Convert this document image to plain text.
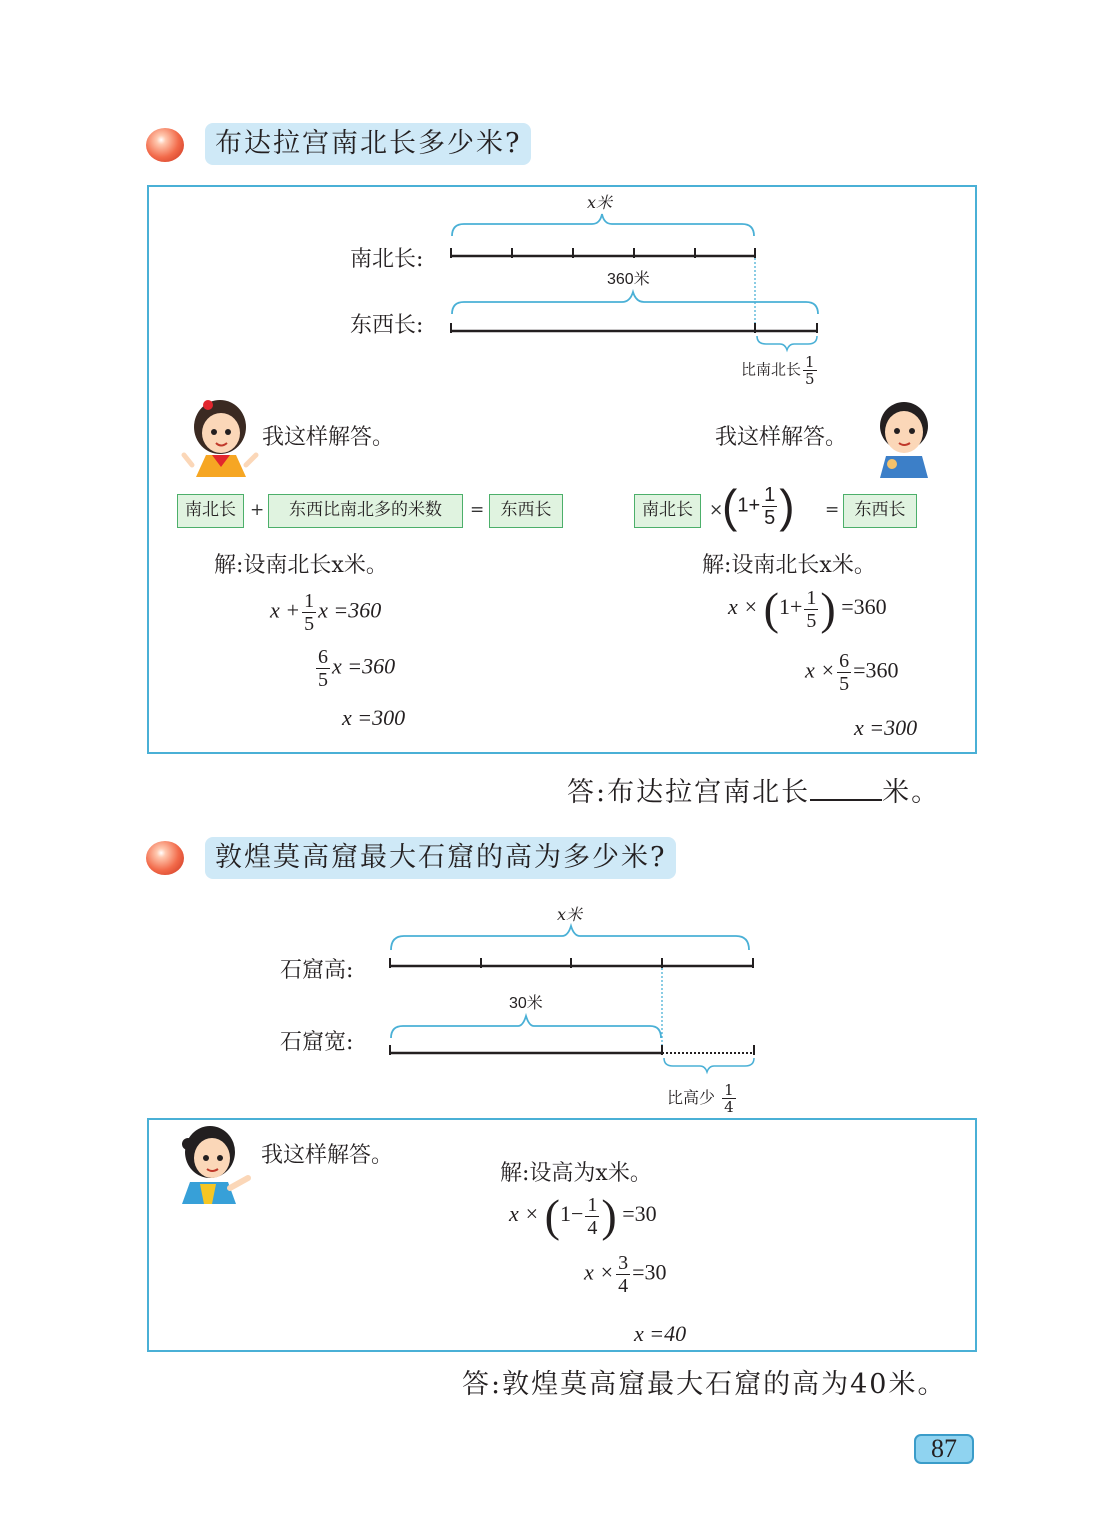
布达拉宫南北长多少米?
x米
南北长:
360米
东西长:
比南北长 $\frac{1}{5}$
我这样解答。	我这样解答。
南北长 +	东西比南北多的米数	= 东西长	南北长 ×
($1+ \frac{1}{5}$ ) = 东西长
解:设南北长x米。
$x + \frac{1}{5}$ x =360
$\frac{6}{5}$ x =360
x =300
解:设南北长x米。
$x \times (1+ \frac{1}{5}$ ) =360
$x \times \frac{6}{5} =360$
x =300
答:布达拉宫南北长	米。
敦煌莫高窟最大石窟的高为多少米?
x米
石窟高:
30米
石窟宽:
比高少 $\frac{1}{4}$
我这样解答。
解:设高为x米。
$x \times (1- \frac{1}{4}$ ) =30
$x \times \frac{3}{4} =30$
x =40
答:敦煌莫高窟最大石窟的高为40米。
87
